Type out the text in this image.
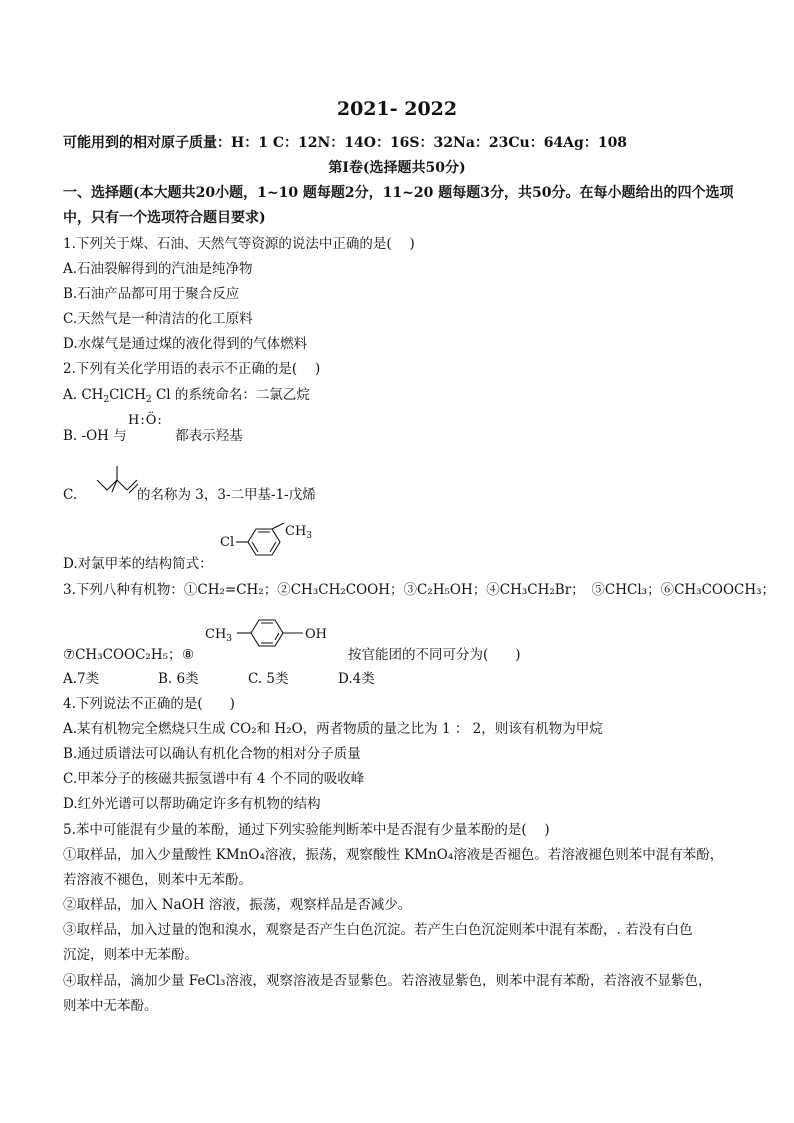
2021- 2022
可能用到的相对原子质量：H：1 C：12N：14O：16S：32Na：23Cu：64Ag：108
第Ⅰ卷(选择题共50分)
一、选择题(本大题共20小题，1~10 题每题2分，11~20 题每题3分，共50分。在每小题给出的四个选项
中，只有一个选项符合题目要求)
1.下列关于煤、石油、天然气等资源的说法中正确的是(　 )
A.石油裂解得到的汽油是纯净物
B.石油产品都可用于聚合反应
C.天然气是一种清洁的化工原料
D.水煤气是通过煤的液化得到的气体燃料
2.下列有关化学用语的表示不正确的是(　 )
A. $CH_2ClCH_2$ Cl 的系统命名：二氯乙烷
B. -OH 与	都表示羟基
H:Ö:
C.	的名称为 3，3-二甲基-1-戊烯
D.对氯甲苯的结构简式：
Cl
$CH_3$
3.下列八种有机物：①CH₂=CH₂；②CH₃CH₂COOH；③C₂H₅OH；④CH₃CH₂Br；　⑤CHCl₃；⑥CH₃COOCH₃；
$CH_3$	OH
⑦CH₃COOC₂H₅； ⑧	按官能团的不同可分为(　　)
A.7类	B. 6类	C. 5类	D.4类
4.下列说法不正确的是(　　)
A.某有机物完全燃烧只生成 CO₂和 H₂O，两者物质的量之比为 1 ： 2，则该有机物为甲烷
B.通过质谱法可以确认有机化合物的相对分子质量
C.甲苯分子的核磁共振氢谱中有 4 个不同的吸收峰
D.红外光谱可以帮助确定许多有机物的结构
5.苯中可能混有少量的苯酚，通过下列实验能判断苯中是否混有少量苯酚的是(　 )
①取样品，加入少量酸性 KMnO₄溶液，振荡，观察酸性 KMnO₄溶液是否褪色。若溶液褪色则苯中混有苯酚，
若溶液不褪色，则苯中无苯酚。
②取样品，加入 NaOH 溶液，振荡，观察样品是否减少。
③取样品，加入过量的饱和溴水，观察是否产生白色沉淀。若产生白色沉淀则苯中混有苯酚，. 若没有白色
沉淀，则苯中无苯酚。
④取样品，滴加少量 FeCl₃溶液，观察溶液是否显紫色。若溶液显紫色，则苯中混有苯酚，若溶液不显紫色，
则苯中无苯酚。
